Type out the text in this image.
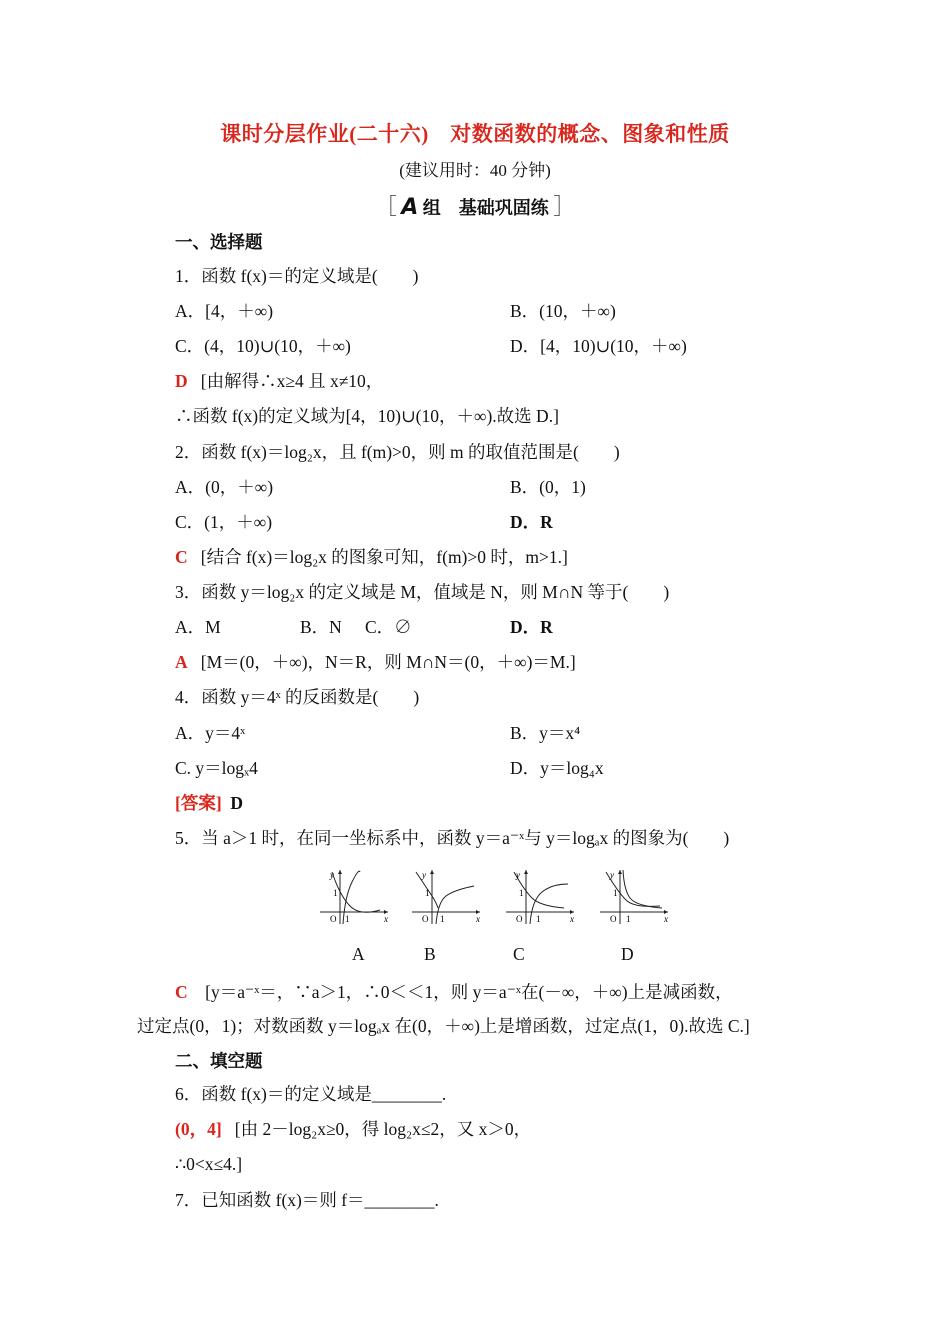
课时分层作业(二十六)　对数函数的概念、图象和性质
(建议用时：40 分钟)
［ A 组　基础巩固练 ］
一、选择题
1．函数 f(x)＝的定义域是(　　)
A．[4，＋∞)	B．(10，＋∞)
C．(4，10)∪(10，＋∞)	D．[4，10)∪(10，＋∞)
D [由解得∴x≥4 且 x≠10，
∴函数 f(x)的定义域为[4，10)∪(10，＋∞).故选 D.]
2．函数 f(x)＝log₂x，且 f(m)>0，则 m 的取值范围是(　　)
A．(0，＋∞)	B．(0，1)
C．(1，＋∞)	D．R
C [结合 f(x)＝log₂x 的图象可知，f(m)>0 时，m>1.]
3．函数 y＝log₂x 的定义域是 M，值域是 N，则 M∩N 等于(　　)
A．M	B．N C．∅	D．R
A [M＝(0，＋∞)，N＝R，则 M∩N＝(0，＋∞)＝M.]
4．函数 y＝4ˣ 的反函数是(　　)
A．y＝4ˣ	B．y＝x⁴
C. y＝logₓ4	D．y＝log₄x
[答案] D
5．当 a＞1 时，在同一坐标系中，函数 y＝a⁻ˣ与 y＝logₐx 的图象为(　　)
y
x
O
1
1
y
x
O
1
1
y
x
O
1
1
y
x
O
1
1
A	B	C	D
C [y＝a⁻ˣ＝，∵a＞1，∴0＜＜1，则 y＝a⁻ˣ在(－∞，＋∞)上是减函数，
过定点(0，1)；对数函数 y＝logₐx 在(0，＋∞)上是增函数，过定点(1，0).故选 C.]
二、填空题
6．函数 f(x)＝的定义域是________.
(0，4] [由 2－log₂x≥0，得 log₂x≤2，又 x＞0，
∴0<x≤4.]
7．已知函数 f(x)＝则 f＝________.
